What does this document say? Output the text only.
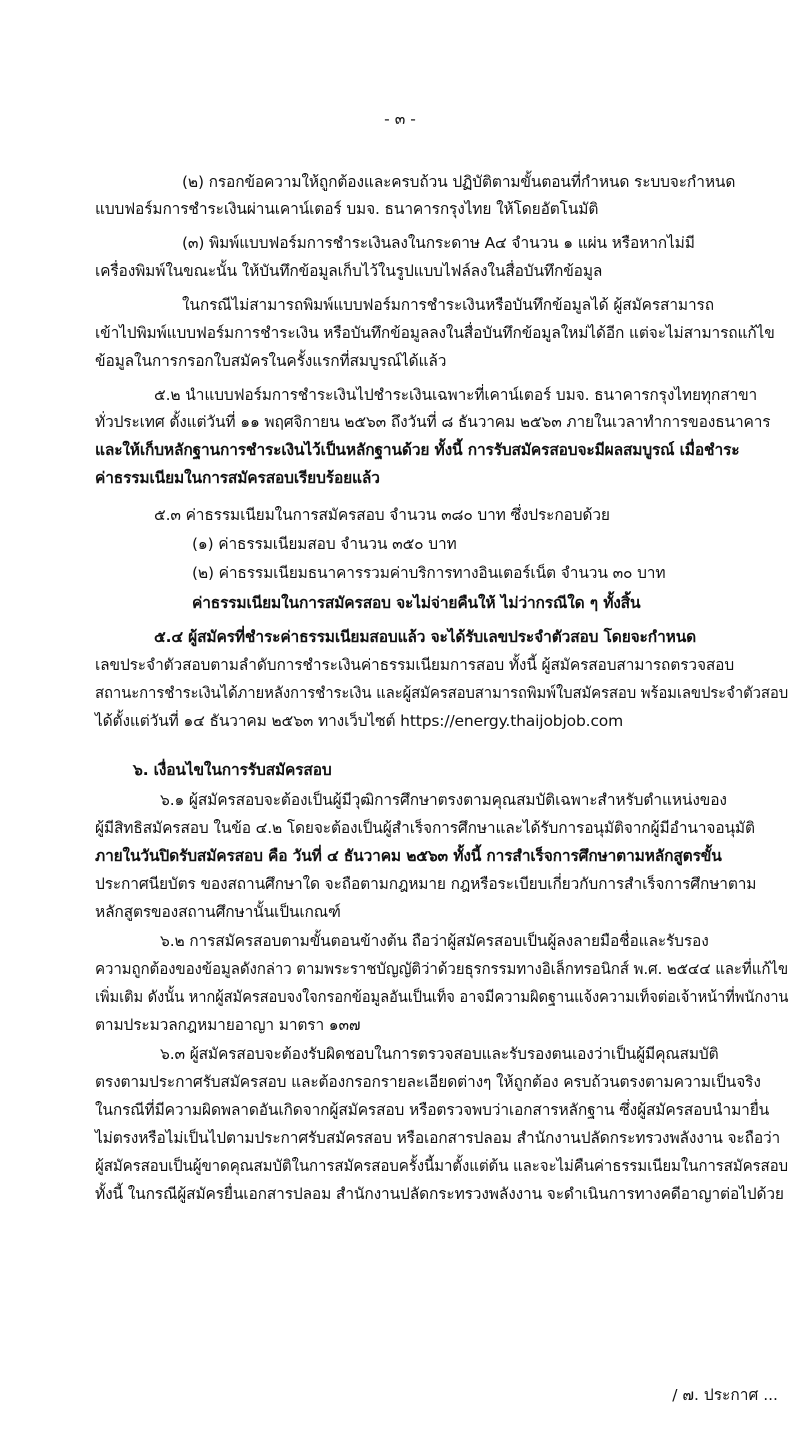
- ๓ -
(๒) กรอกข้อความให้ถูกต้องและครบถ้วน ปฏิบัติตามขั้นตอนที่กำหนด ระบบจะกำหนด
แบบฟอร์มการชำระเงินผ่านเคาน์เตอร์ บมจ. ธนาคารกรุงไทย ให้โดยอัตโนมัติ
(๓) พิมพ์แบบฟอร์มการชำระเงินลงในกระดาษ A๔ จำนวน ๑ แผ่น หรือหากไม่มี
เครื่องพิมพ์ในขณะนั้น ให้บันทึกข้อมูลเก็บไว้ในรูปแบบไฟล์ลงในสื่อบันทึกข้อมูล
ในกรณีไม่สามารถพิมพ์แบบฟอร์มการชำระเงินหรือบันทึกข้อมูลได้ ผู้สมัครสามารถ
เข้าไปพิมพ์แบบฟอร์มการชำระเงิน หรือบันทึกข้อมูลลงในสื่อบันทึกข้อมูลใหม่ได้อีก แต่จะไม่สามารถแก้ไข
ข้อมูลในการกรอกใบสมัครในครั้งแรกที่สมบูรณ์ได้แล้ว
๕.๒ นำแบบฟอร์มการชำระเงินไปชำระเงินเฉพาะที่เคาน์เตอร์ บมจ. ธนาคารกรุงไทยทุกสาขา
ทั่วประเทศ ตั้งแต่วันที่ ๑๑ พฤศจิกายน ๒๕๖๓ ถึงวันที่ ๘ ธันวาคม ๒๕๖๓ ภายในเวลาทำการของธนาคาร
และให้เก็บหลักฐานการชำระเงินไว้เป็นหลักฐานด้วย ทั้งนี้ การรับสมัครสอบจะมีผลสมบูรณ์ เมื่อชำระ
ค่าธรรมเนียมในการสมัครสอบเรียบร้อยแล้ว
๕.๓ ค่าธรรมเนียมในการสมัครสอบ จำนวน ๓๘๐ บาท ซึ่งประกอบด้วย
(๑) ค่าธรรมเนียมสอบ จำนวน ๓๕๐ บาท
(๒) ค่าธรรมเนียมธนาคารรวมค่าบริการทางอินเตอร์เน็ต จำนวน ๓๐ บาท
ค่าธรรมเนียมในการสมัครสอบ จะไม่จ่ายคืนให้ ไม่ว่ากรณีใด ๆ ทั้งสิ้น
๕.๔ ผู้สมัครที่ชำระค่าธรรมเนียมสอบแล้ว จะได้รับเลขประจำตัวสอบ โดยจะกำหนด
เลขประจำตัวสอบตามลำดับการชำระเงินค่าธรรมเนียมการสอบ ทั้งนี้ ผู้สมัครสอบสามารถตรวจสอบ
สถานะการชำระเงินได้ภายหลังการชำระเงิน และผู้สมัครสอบสามารถพิมพ์ใบสมัครสอบ พร้อมเลขประจำตัวสอบ
ได้ตั้งแต่วันที่ ๑๔ ธันวาคม ๒๕๖๓ ทางเว็บไซต์ https://energy.thaijobjob.com
๖. เงื่อนไขในการรับสมัครสอบ
๖.๑ ผู้สมัครสอบจะต้องเป็นผู้มีวุฒิการศึกษาตรงตามคุณสมบัติเฉพาะสำหรับตำแหน่งของ
ผู้มีสิทธิสมัครสอบ ในข้อ ๔.๒ โดยจะต้องเป็นผู้สำเร็จการศึกษาและได้รับการอนุมัติจากผู้มีอำนาจอนุมัติ
ภายในวันปิดรับสมัครสอบ คือ วันที่ ๔ ธันวาคม ๒๕๖๓ ทั้งนี้ การสำเร็จการศึกษาตามหลักสูตรขั้น
ประกาศนียบัตร ของสถานศึกษาใด จะถือตามกฎหมาย กฎหรือระเบียบเกี่ยวกับการสำเร็จการศึกษาตาม
หลักสูตรของสถานศึกษานั้นเป็นเกณฑ์
๖.๒ การสมัครสอบตามขั้นตอนข้างต้น ถือว่าผู้สมัครสอบเป็นผู้ลงลายมือชื่อและรับรอง
ความถูกต้องของข้อมูลดังกล่าว ตามพระราชบัญญัติว่าด้วยธุรกรรมทางอิเล็กทรอนิกส์ พ.ศ. ๒๕๔๔ และที่แก้ไข
เพิ่มเติม ดังนั้น หากผู้สมัครสอบจงใจกรอกข้อมูลอันเป็นเท็จ อาจมีความผิดฐานแจ้งความเท็จต่อเจ้าหน้าที่พนักงาน
ตามประมวลกฎหมายอาญา มาตรา ๑๓๗
๖.๓ ผู้สมัครสอบจะต้องรับผิดชอบในการตรวจสอบและรับรองตนเองว่าเป็นผู้มีคุณสมบัติ
ตรงตามประกาศรับสมัครสอบ และต้องกรอกรายละเอียดต่างๆ ให้ถูกต้อง ครบถ้วนตรงตามความเป็นจริง
ในกรณีที่มีความผิดพลาดอันเกิดจากผู้สมัครสอบ หรือตรวจพบว่าเอกสารหลักฐาน ซึ่งผู้สมัครสอบนำมายื่น
ไม่ตรงหรือไม่เป็นไปตามประกาศรับสมัครสอบ หรือเอกสารปลอม สำนักงานปลัดกระทรวงพลังงาน จะถือว่า
ผู้สมัครสอบเป็นผู้ขาดคุณสมบัติในการสมัครสอบครั้งนี้มาตั้งแต่ต้น และจะไม่คืนค่าธรรมเนียมในการสมัครสอบ
ทั้งนี้ ในกรณีผู้สมัครยื่นเอกสารปลอม สำนักงานปลัดกระทรวงพลังงาน จะดำเนินการทางคดีอาญาต่อไปด้วย
/ ๗. ประกาศ ...
